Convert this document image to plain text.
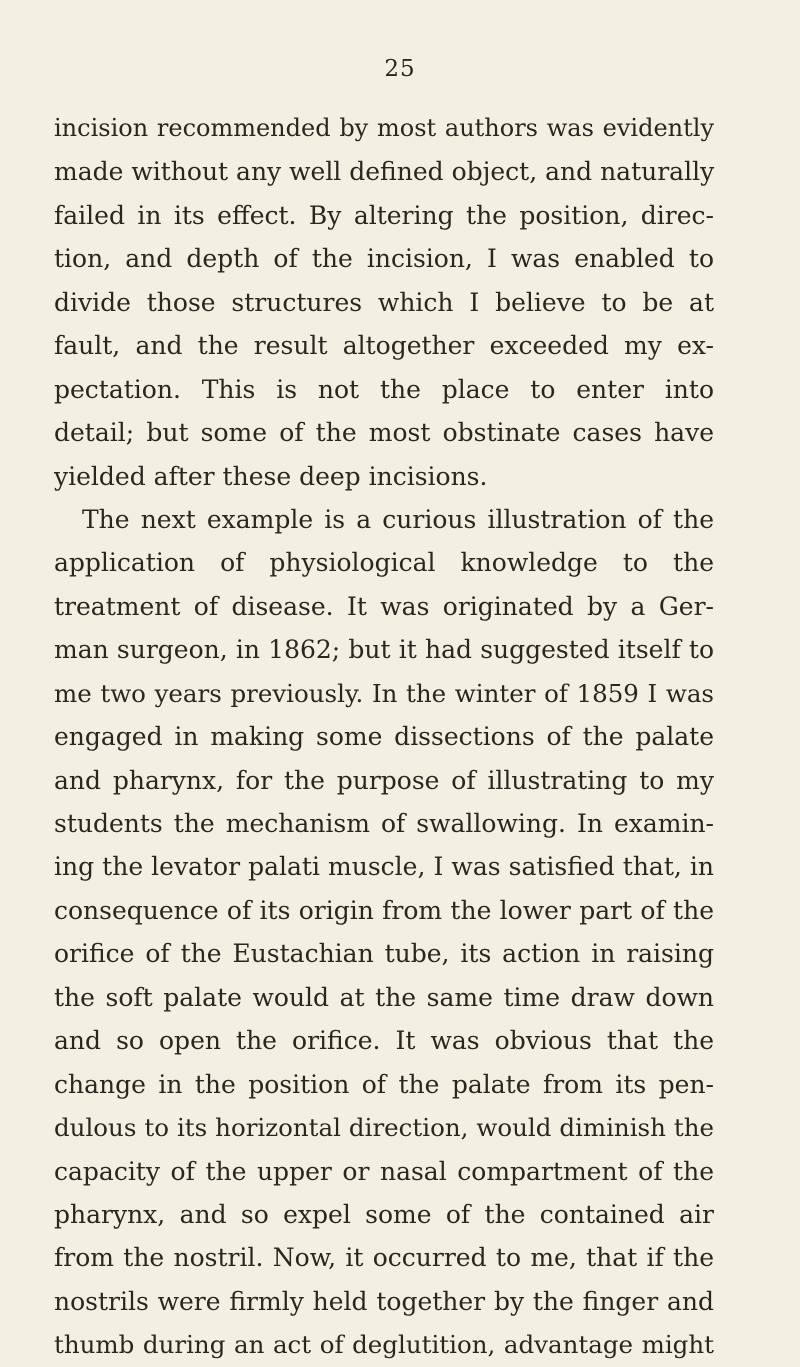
25
incision recommended by most authors was evidently
made without any well defined object, and naturally
failed in its effect. By altering the position, direc-
tion, and depth of the incision, I was enabled to
divide those structures which I believe to be at
fault, and the result altogether exceeded my ex-
pectation. This is not the place to enter into
detail; but some of the most obstinate cases have
yielded after these deep incisions.
The next example is a curious illustration of the
application of physiological knowledge to the
treatment of disease. It was originated by a Ger-
man surgeon, in 1862; but it had suggested itself to
me two years previously. In the winter of 1859 I was
engaged in making some dissections of the palate
and pharynx, for the purpose of illustrating to my
students the mechanism of swallowing. In examin-
ing the levator palati muscle, I was satisfied that, in
consequence of its origin from the lower part of the
orifice of the Eustachian tube, its action in raising
the soft palate would at the same time draw down
and so open the orifice. It was obvious that the
change in the position of the palate from its pen-
dulous to its horizontal direction, would diminish the
capacity of the upper or nasal compartment of the
pharynx, and so expel some of the contained air
from the nostril. Now, it occurred to me, that if the
nostrils were firmly held together by the finger and
thumb during an act of deglutition, advantage might
